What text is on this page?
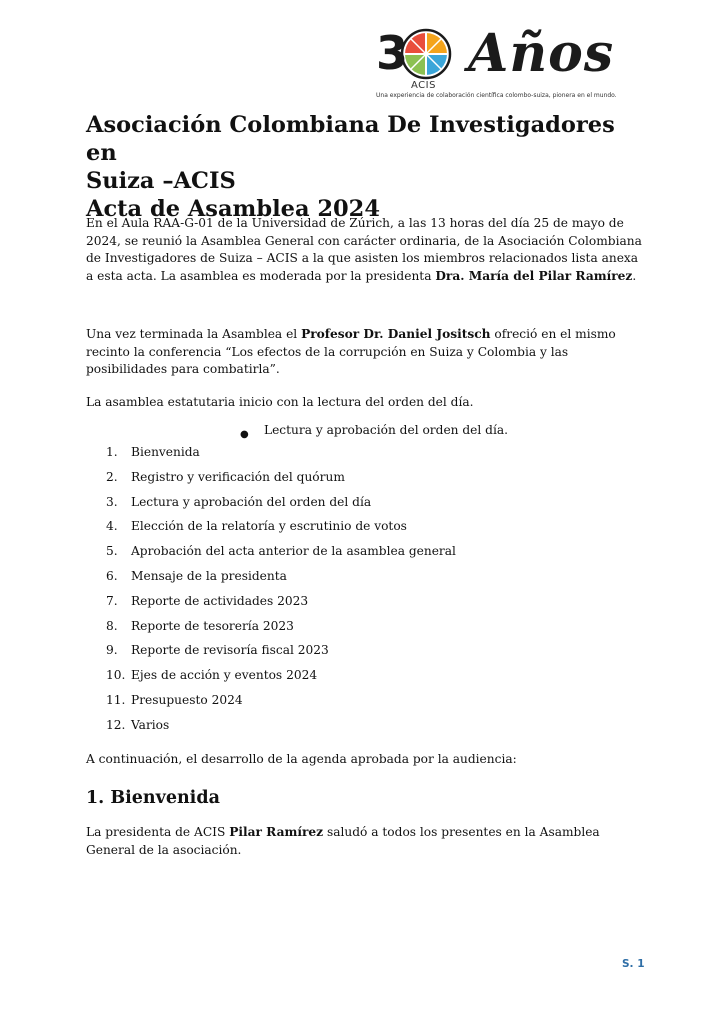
3
ACIS
Años
Una experiencia de colaboración científica colombo-suiza, pionera en el mundo.
Asociación Colombiana De Investigadores en
Suiza –ACIS
Acta de Asamblea 2024

En el Aula RAA-G-01 de la Universidad de Zúrich, a las 13 horas del día 25 de mayo de 2024, se reunió la Asamblea General con carácter ordinaria, de la Asociación Colombiana de Investigadores de Suiza – ACIS a la que asisten los miembros relacionados lista anexa a esta acta. La asamblea es moderada por la presidenta Dra. María del Pilar Ramírez.

Una vez terminada la Asamblea el Profesor Dr. Daniel Jositsch ofreció en el mismo recinto la conferencia “Los efectos de la corrupción en Suiza y Colombia y las posibilidades para combatirla”.

La asamblea estatutaria inicio con la lectura del orden del día.

● Lectura y aprobación del orden del día.
1. Bienvenida
2. Registro y verificación del quórum
3. Lectura y aprobación del orden del día
4. Elección de la relatoría y escrutinio de votos
5. Aprobación del acta anterior de la asamblea general
6. Mensaje de la presidenta
7. Reporte de actividades 2023
8. Reporte de tesorería 2023
9. Reporte de revisoría fiscal 2023
10. Ejes de acción y eventos 2024
11. Presupuesto 2024
12. Varios

A continuación, el desarrollo de la agenda aprobada por la audiencia:

1. Bienvenida

La presidenta de ACIS Pilar Ramírez saludó a todos los presentes en la Asamblea General de la asociación.

S. 1
